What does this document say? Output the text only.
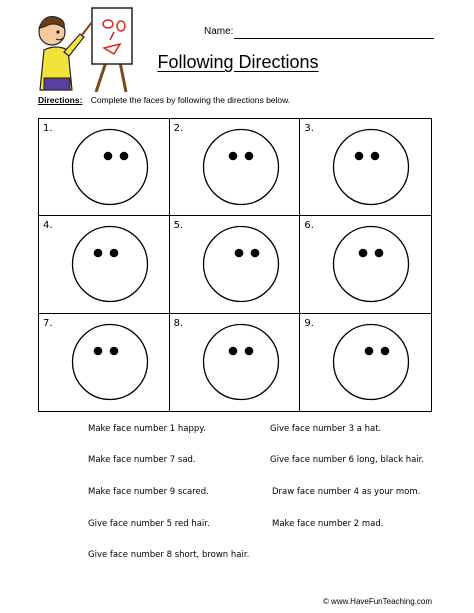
Name:
Following Directions
Directions: Complete the faces by following the directions below.
1.	2.	3.
4.	5.	6.
7.	8.	9.
Make face number 1 happy.	Give face number 3 a hat.
Make face number 7 sad.	Give face number 6 long, black hair.
Make face number 9 scared.	Draw face number 4 as your mom.
Give face number 5 red hair.	Make face number 2 mad.
Give face number 8 short, brown hair.
© www.HaveFunTeaching.com
